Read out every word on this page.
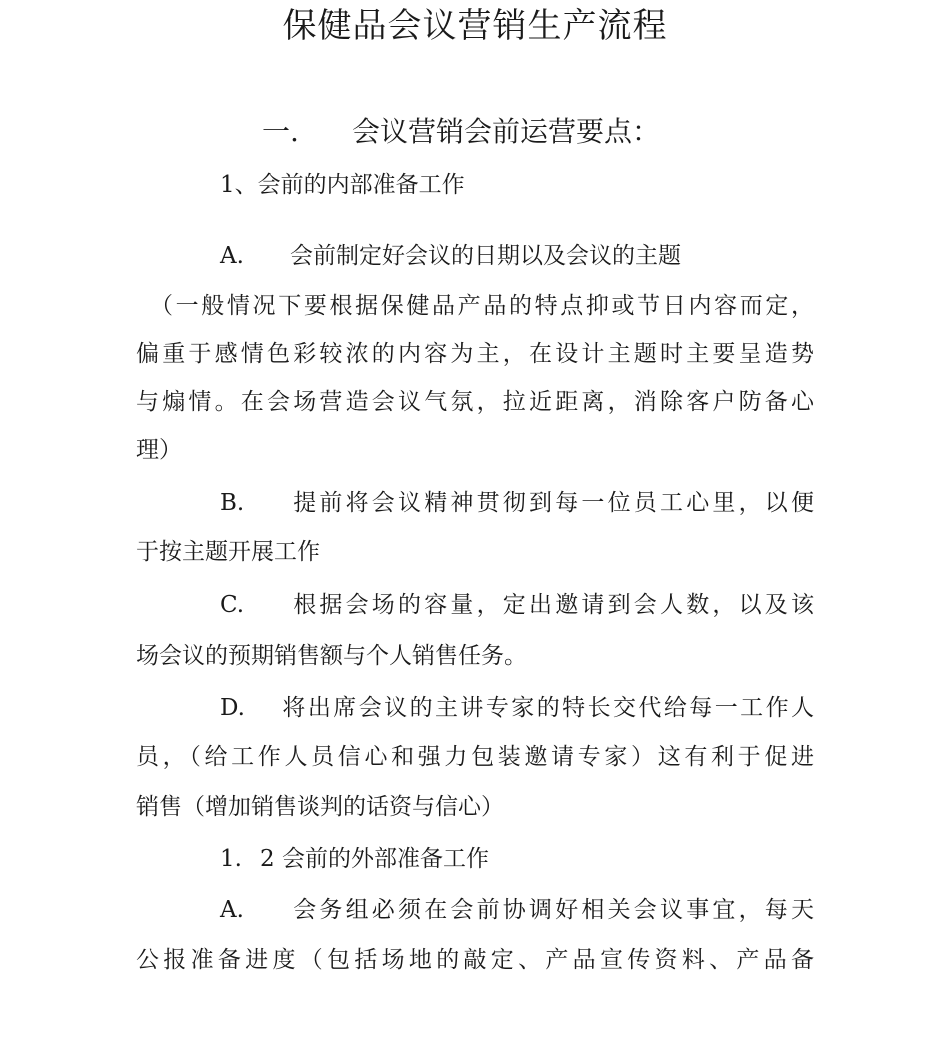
保健品会议营销生产流程
一. 会议营销会前运营要点：
1、会前的内部准备工作
A. 会前制定好会议的日期以及会议的主题
（一般情况下要根据保健品产品的特点抑或节日内容而定，
偏重于感情色彩较浓的内容为主，在设计主题时主要呈造势
与煽情。在会场营造会议气氛，拉近距离，消除客户防备心
理）
B. 提前将会议精神贯彻到每一位员工心里，以便
于按主题开展工作
C. 根据会场的容量，定出邀请到会人数，以及该
场会议的预期销售额与个人销售任务。
D. 将出席会议的主讲专家的特长交代给每一工作人
员，（给工作人员信心和强力包装邀请专家）这有利于促进
销售（增加销售谈判的话资与信心）
1. 2 会前的外部准备工作
A. 会务组必须在会前协调好相关会议事宜，每天
公报准备进度（包括场地的敲定、产品宣传资料、产品备
